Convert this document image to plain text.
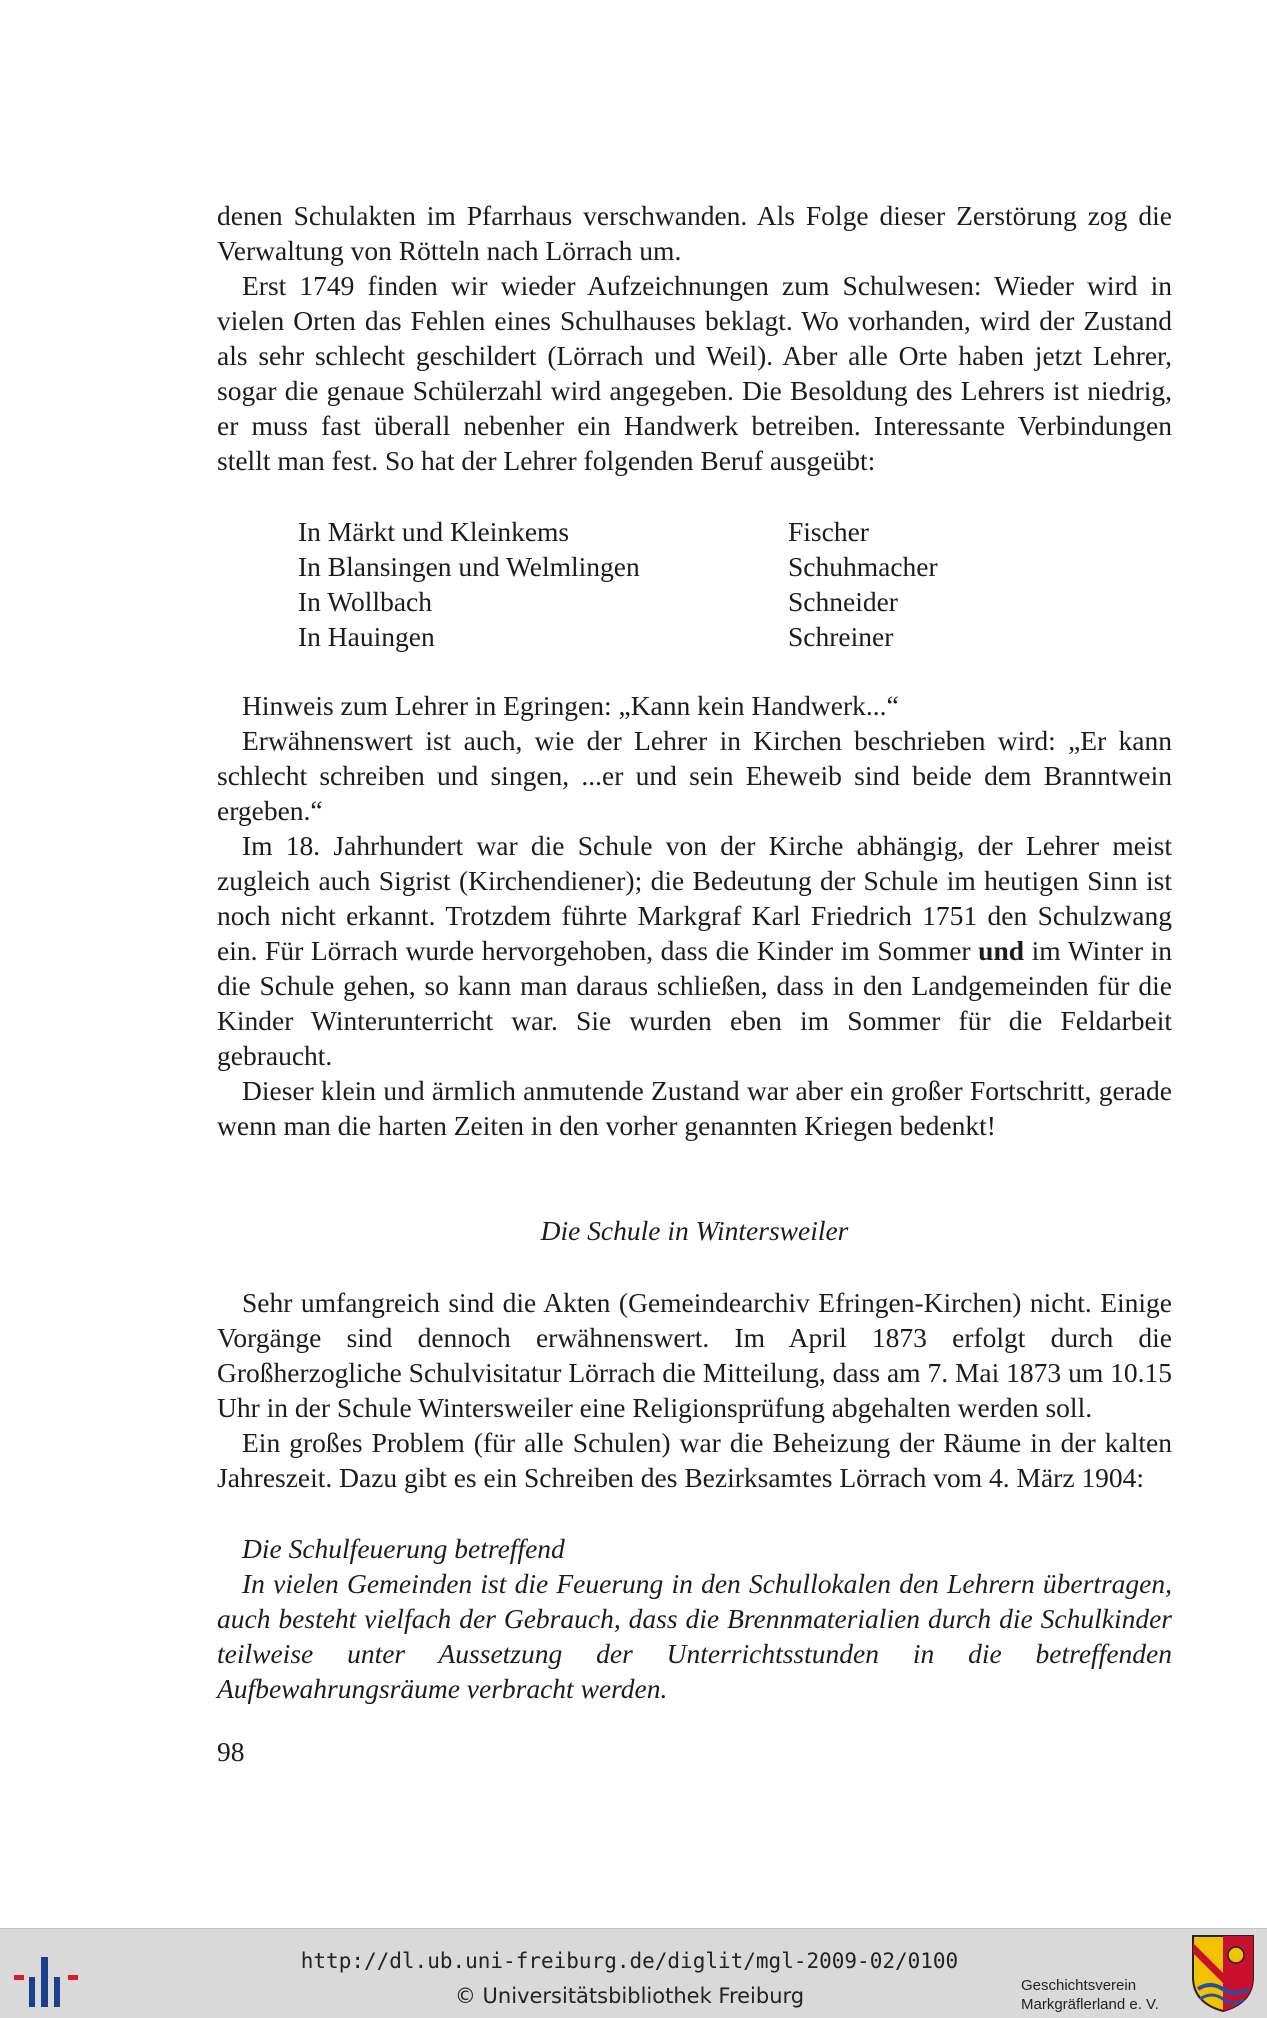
denen Schulakten im Pfarrhaus verschwanden. Als Folge dieser Zerstörung zog die Verwaltung von Rötteln nach Lörrach um.

Erst 1749 finden wir wieder Aufzeichnungen zum Schulwesen: Wieder wird in vielen Orten das Fehlen eines Schulhauses beklagt. Wo vorhanden, wird der Zustand als sehr schlecht geschildert (Lörrach und Weil). Aber alle Orte haben jetzt Lehrer, sogar die genaue Schülerzahl wird angegeben. Die Besoldung des Lehrers ist niedrig, er muss fast überall nebenher ein Handwerk betreiben. Interessante Verbindungen stellt man fest. So hat der Lehrer folgenden Beruf ausgeübt:

In Märkt und Kleinkems	Fischer
In Blansingen und Welmlingen	Schuhmacher
In Wollbach	Schneider
In Hauingen	Schreiner

Hinweis zum Lehrer in Egringen: „Kann kein Handwerk...“

Erwähnenswert ist auch, wie der Lehrer in Kirchen beschrieben wird: „Er kann schlecht schreiben und singen, ...er und sein Eheweib sind beide dem Branntwein ergeben.“

Im 18. Jahrhundert war die Schule von der Kirche abhängig, der Lehrer meist zugleich auch Sigrist (Kirchendiener); die Bedeutung der Schule im heutigen Sinn ist noch nicht erkannt. Trotzdem führte Markgraf Karl Friedrich 1751 den Schulzwang ein. Für Lörrach wurde hervorgehoben, dass die Kinder im Sommer und im Winter in die Schule gehen, so kann man daraus schließen, dass in den Landgemeinden für die Kinder Winterunterricht war. Sie wurden eben im Sommer für die Feldarbeit gebraucht.

Dieser klein und ärmlich anmutende Zustand war aber ein großer Fortschritt, gerade wenn man die harten Zeiten in den vorher genannten Kriegen bedenkt!

Die Schule in Wintersweiler

Sehr umfangreich sind die Akten (Gemeindearchiv Efringen-Kirchen) nicht. Einige Vorgänge sind dennoch erwähnenswert. Im April 1873 erfolgt durch die Großherzogliche Schulvisitatur Lörrach die Mitteilung, dass am 7. Mai 1873 um 10.15 Uhr in der Schule Wintersweiler eine Religionsprüfung abgehalten werden soll.

Ein großes Problem (für alle Schulen) war die Beheizung der Räume in der kalten Jahreszeit. Dazu gibt es ein Schreiben des Bezirksamtes Lörrach vom 4. März 1904:

Die Schulfeuerung betreffend

In vielen Gemeinden ist die Feuerung in den Schullokalen den Lehrern übertragen, auch besteht vielfach der Gebrauch, dass die Brennmaterialien durch die Schulkinder teilweise unter Aussetzung der Unterrichtsstunden in die betreffenden Aufbewahrungsräume verbracht werden.

98
http://dl.ub.uni-freiburg.de/diglit/mgl-2009-02/0100
© Universitätsbibliothek Freiburg	Geschichtsverein
Markgräflerland e. V.
